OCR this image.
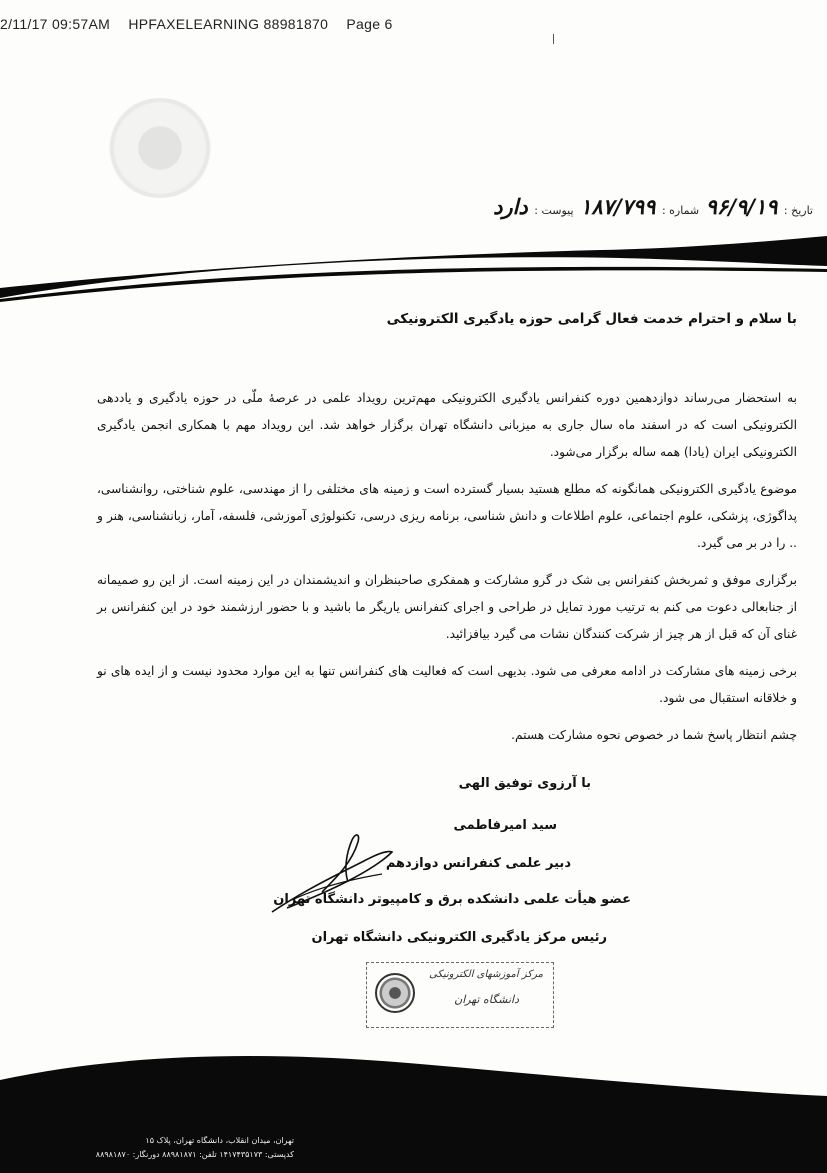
2/11/17 09:57AM HPFAXELEARNING 88981870 Page 6
تاریخ : ۹۶/۹/۱۹ شماره : ۱۸۷/۷۹۹ پیوست : دارد
با سلام و احترام خدمت فعال گرامی حوزه یادگیری الکترونیکی

به استحضار می‌رساند دوازدهمین دوره کنفرانس یادگیری الکترونیکی مهم‌ترین رویداد علمی در عرصهٔ ملّی در حوزه یادگیری و یاددهی الکترونیکی است که در اسفند ماه سال جاری به میزبانی دانشگاه تهران برگزار خواهد شد. این رویداد مهم با همکاری انجمن یادگیری الکترونیکی ایران (یادا) همه ساله برگزار می‌شود.

موضوع یادگیری الکترونیکی همانگونه که مطلع هستید بسیار گسترده است و زمینه های مختلفی را از مهندسی، علوم شناختی، روانشناسی، پداگوژی، پزشکی، علوم اجتماعی، علوم اطلاعات و دانش شناسی، برنامه ریزی درسی، تکنولوژی آموزشی، فلسفه، آمار، زبانشناسی، هنر و .. را در بر می گیرد.

برگزاری موفق و ثمربخش کنفرانس بی شک در گرو مشارکت و همفکری صاحبنظران و اندیشمندان در این زمینه است. از این رو صمیمانه از جنابعالی دعوت می کنم به ترتیب مورد تمایل در طراحی و اجرای کنفرانس یاریگر ما باشید و با حضور ارزشمند خود در این کنفرانس بر غنای آن که قبل از هر چیز از شرکت کنندگان نشات می گیرد بیافزائید.

برخی زمینه های مشارکت در ادامه معرفی می شود. بدیهی است که فعالیت های کنفرانس تنها به این موارد محدود نیست و از ایده های نو و خلاقانه استقبال می شود.

چشم انتظار پاسخ شما در خصوص نحوه مشارکت هستم.

با آرزوی توفیق الهی
سید امیرفاطمی
دبیر علمی کنفرانس دوازدهم
عضو هیأت علمی دانشکده برق و کامپیوتر دانشگاه تهران
رئیس مرکز یادگیری الکترونیکی دانشگاه تهران
مرکز آموزشهای الکترونیکی
دانشگاه تهران
تهران، میدان انقلاب، دانشگاه تهران، پلاک ۱۵
کدپستی: ۱۴۱۷۴۳۵۱۷۳ تلفن: ۸۸۹۸۱۸۷۱ دورنگار: ۸۸۹۸۱۸۷۰
